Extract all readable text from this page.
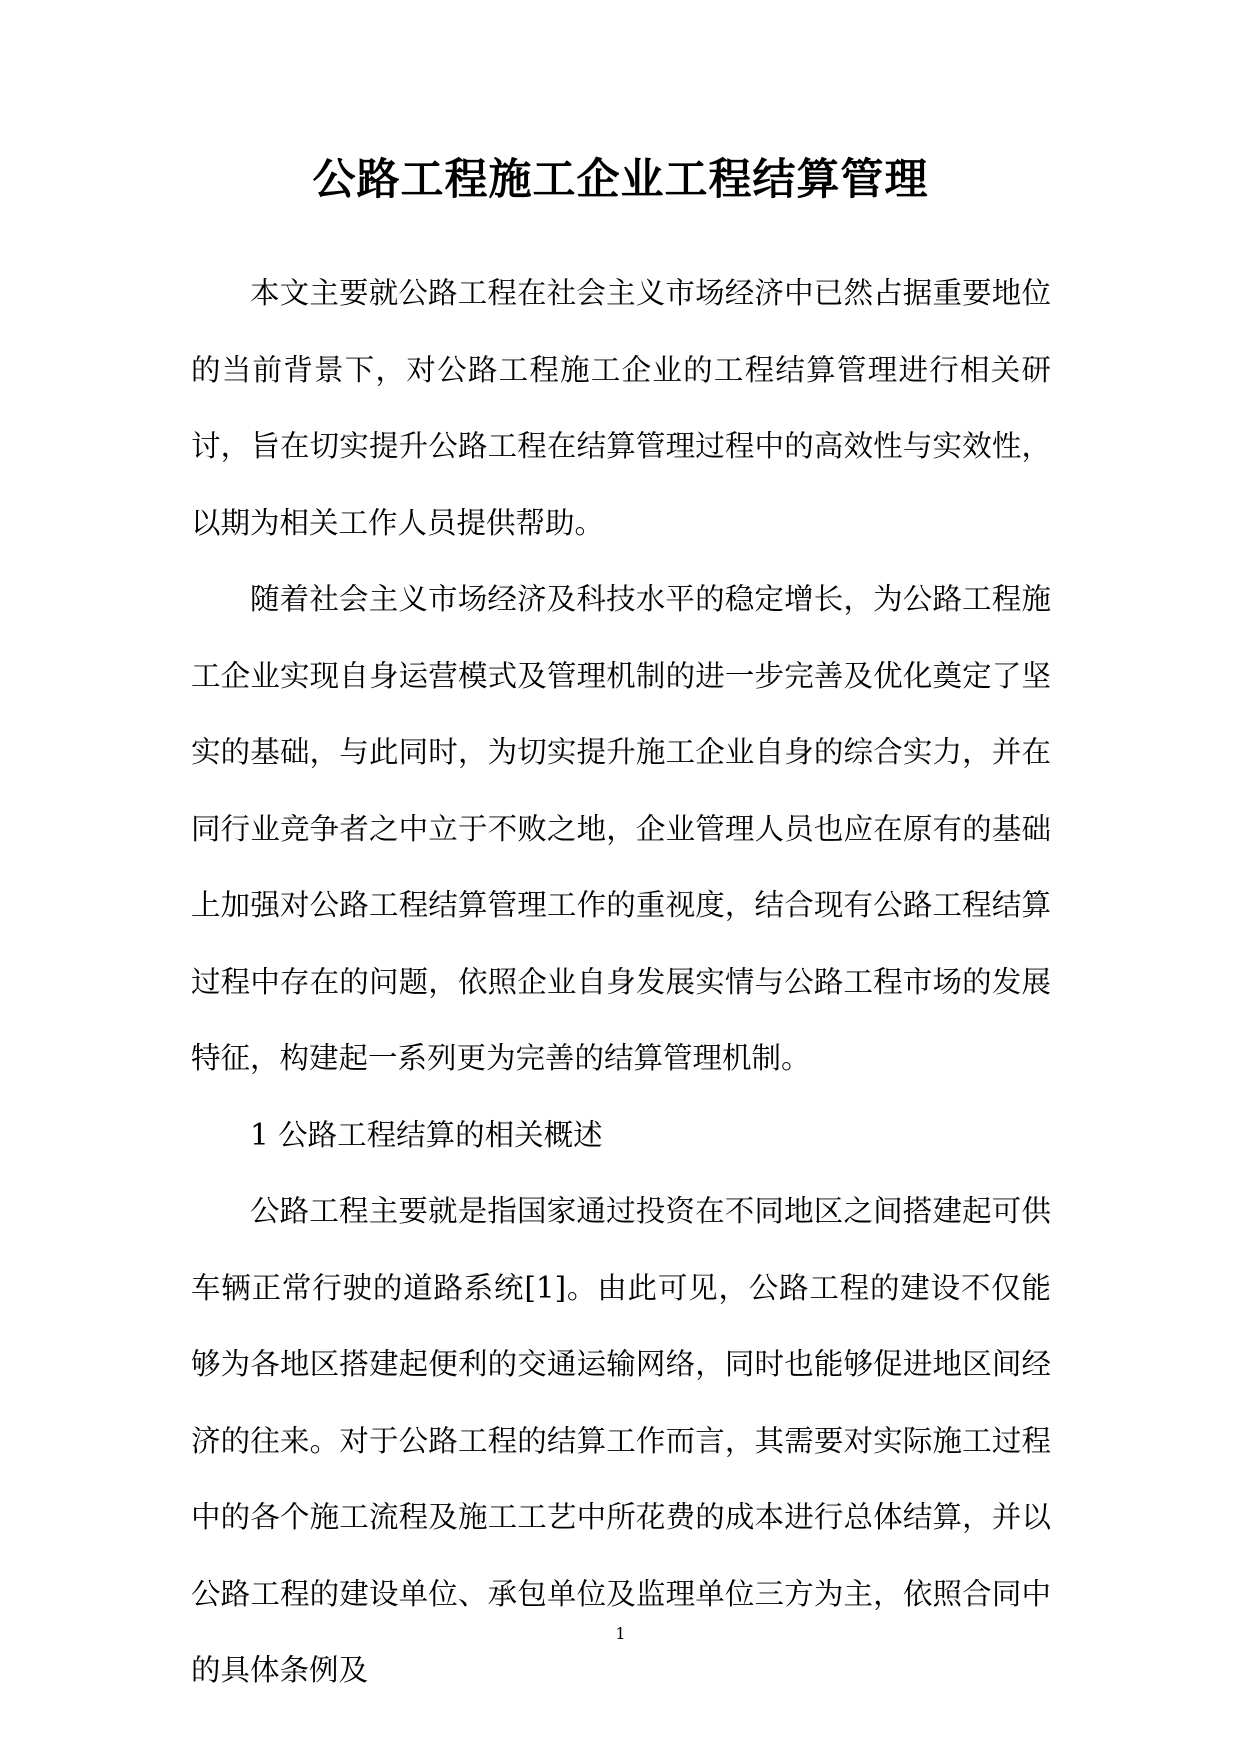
公路工程施工企业工程结算管理

本文主要就公路工程在社会主义市场经济中已然占据重要地位的当前背景下，对公路工程施工企业的工程结算管理进行相关研讨，旨在切实提升公路工程在结算管理过程中的高效性与实效性，以期为相关工作人员提供帮助。

随着社会主义市场经济及科技水平的稳定增长，为公路工程施工企业实现自身运营模式及管理机制的进一步完善及优化奠定了坚实的基础，与此同时，为切实提升施工企业自身的综合实力，并在同行业竞争者之中立于不败之地，企业管理人员也应在原有的基础上加强对公路工程结算管理工作的重视度，结合现有公路工程结算过程中存在的问题，依照企业自身发展实情与公路工程市场的发展特征，构建起一系列更为完善的结算管理机制。

1 公路工程结算的相关概述

公路工程主要就是指国家通过投资在不同地区之间搭建起可供车辆正常行驶的道路系统[1]。由此可见，公路工程的建设不仅能够为各地区搭建起便利的交通运输网络，同时也能够促进地区间经济的往来。对于公路工程的结算工作而言，其需要对实际施工过程中的各个施工流程及施工工艺中所花费的成本进行总体结算，并以公路工程的建设单位、承包单位及监理单位三方为主，依照合同中的具体条例及

1
